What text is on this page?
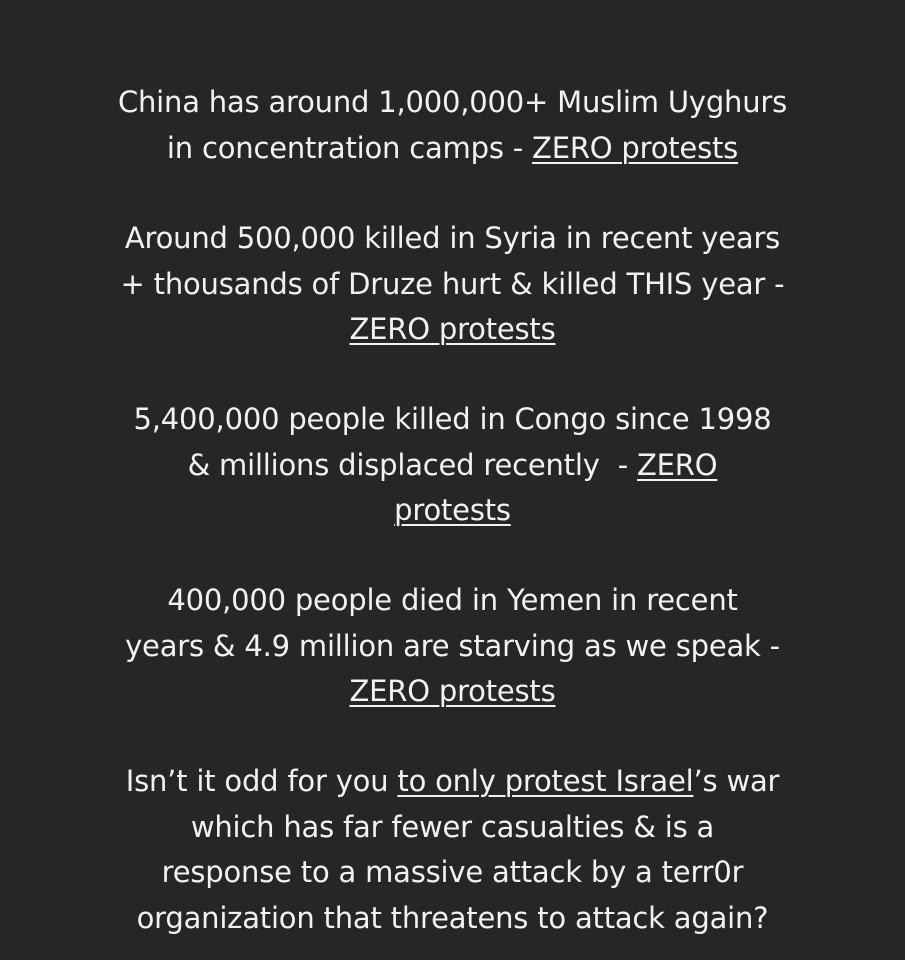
China has around 1,000,000+ Muslim Uyghurs
in concentration camps - ZERO protests
Around 500,000 killed in Syria in recent years
+ thousands of Druze hurt & killed THIS year -
ZERO protests
5,400,000 people killed in Congo since 1998
& millions displaced recently  - ZERO
protests
400,000 people died in Yemen in recent
years & 4.9 million are starving as we speak -
ZERO protests
Isn’t it odd for you to only protest Israel’s war
which has far fewer casualties & is a
response to a massive attack by a terr0r
organization that threatens to attack again?
